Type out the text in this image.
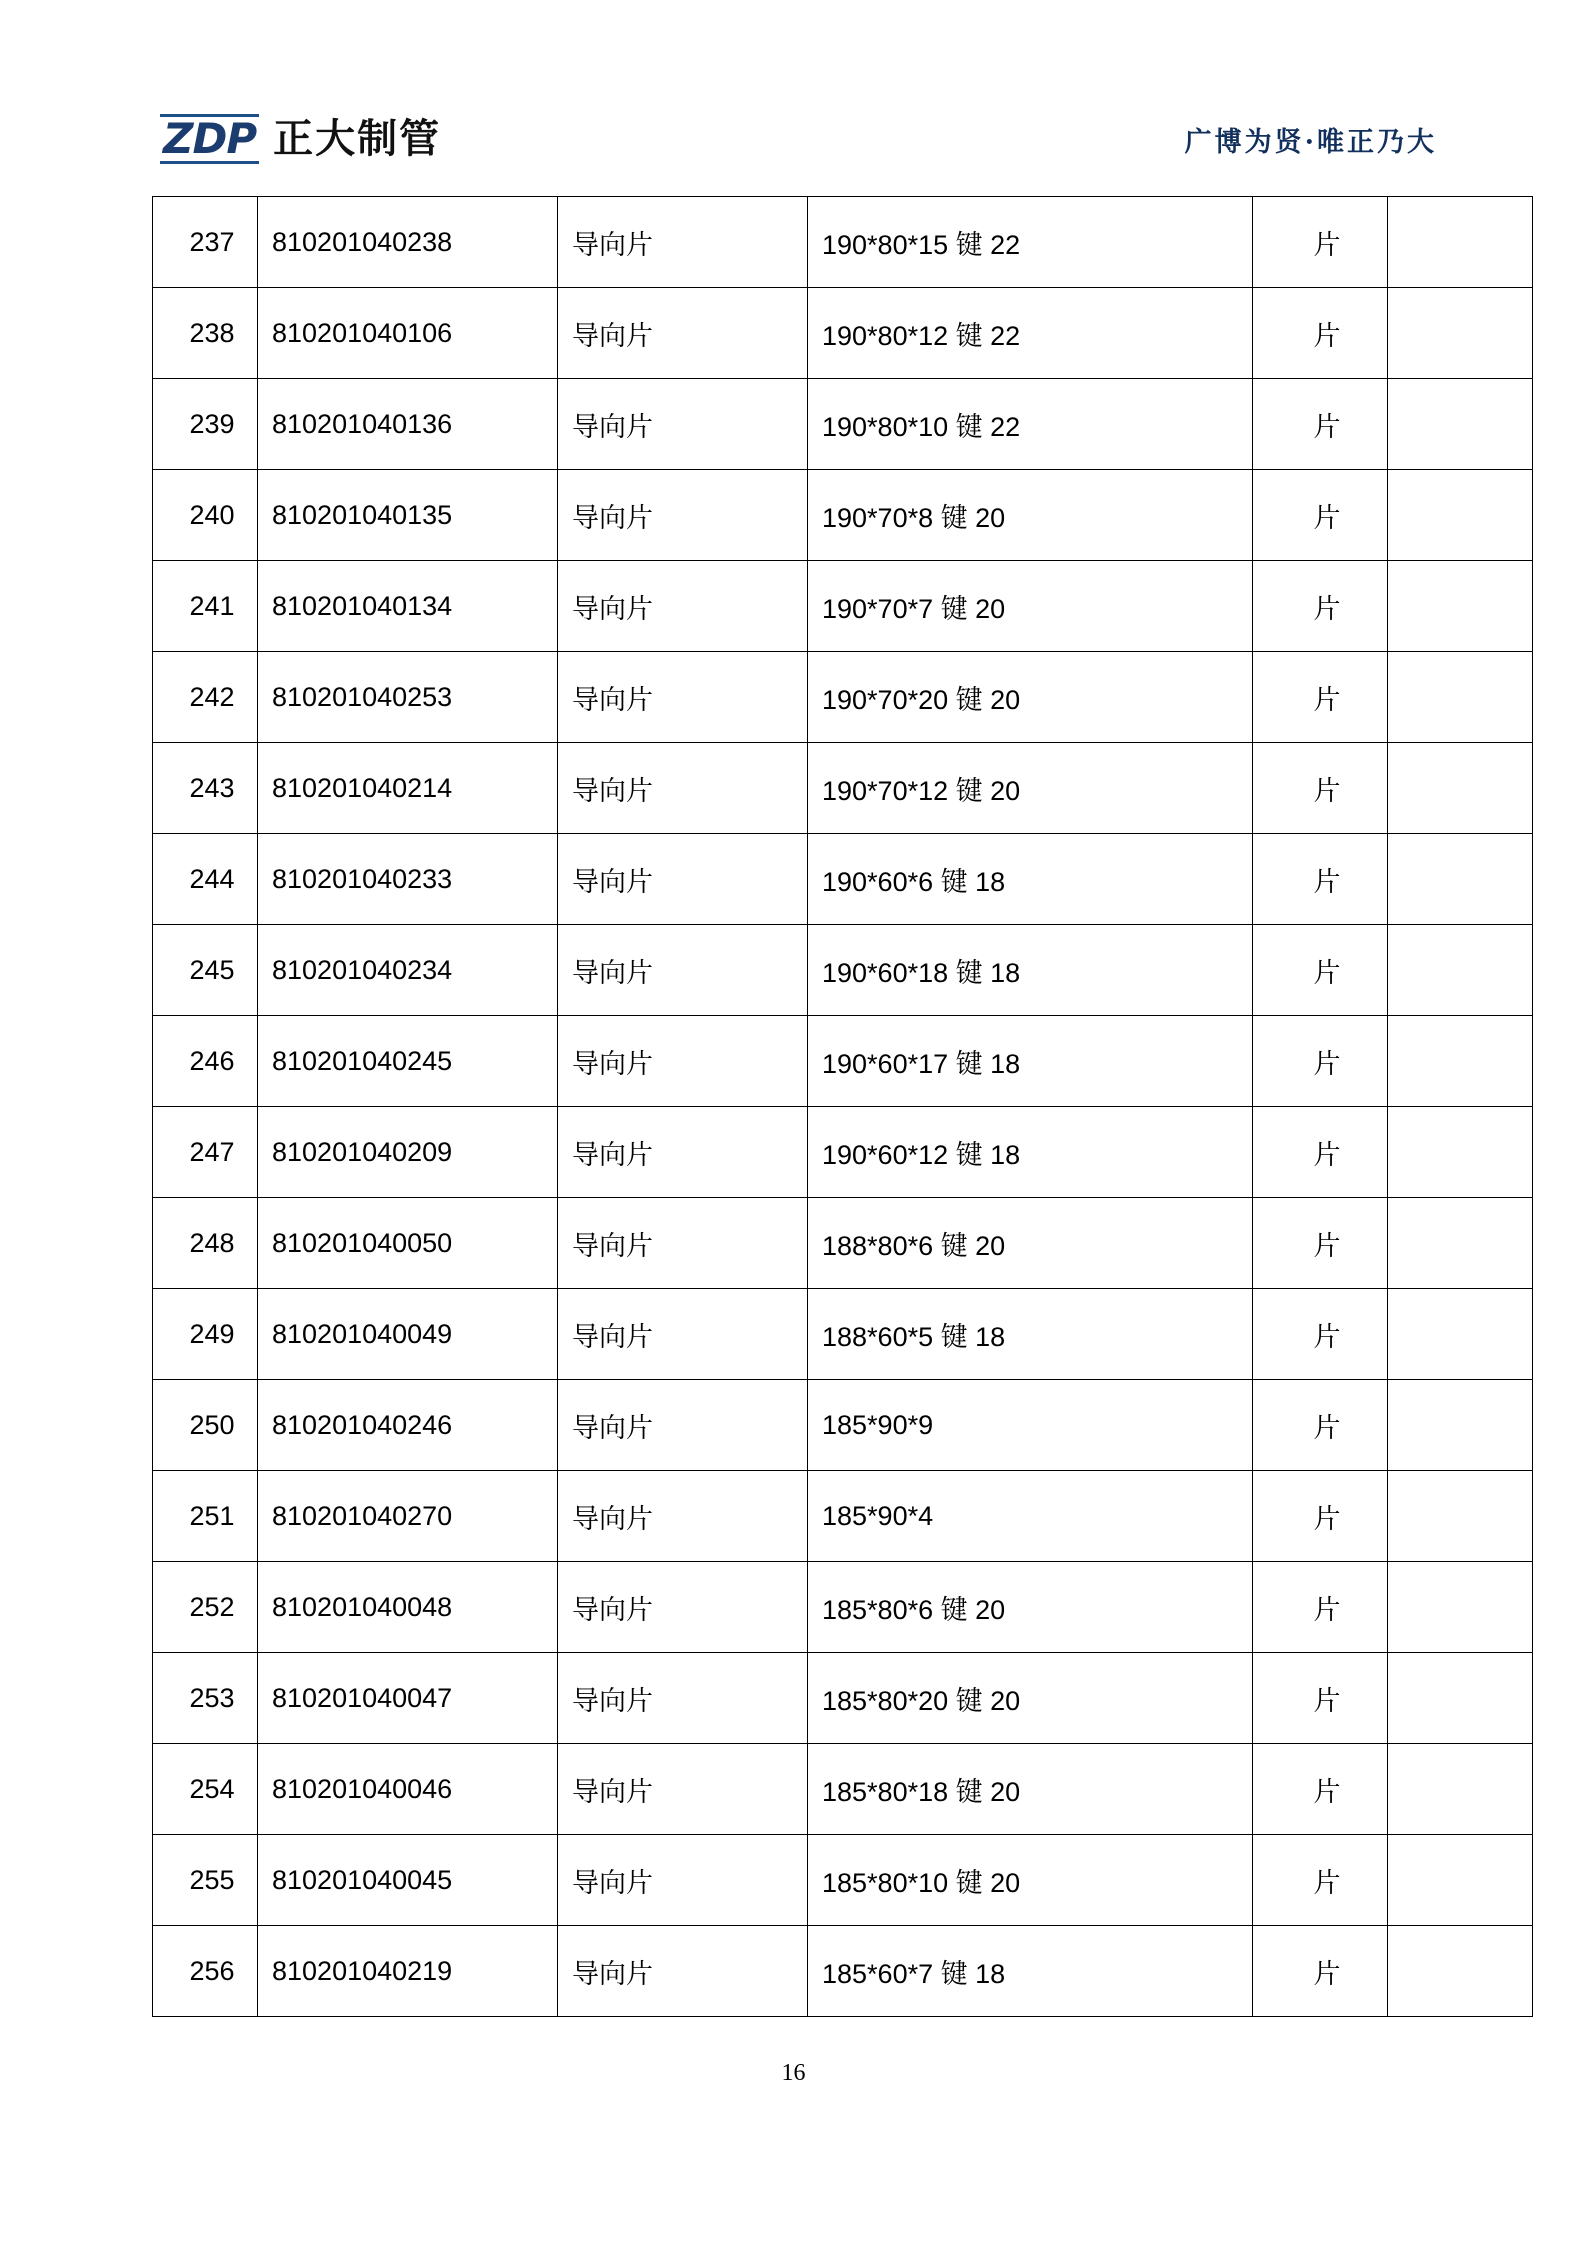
ZDP 正大制管	广博为贤·唯正乃大
237	810201040238	导向片	190*80*15 键 22	片	
238	810201040106	导向片	190*80*12 键 22	片	
239	810201040136	导向片	190*80*10 键 22	片	
240	810201040135	导向片	190*70*8 键 20	片	
241	810201040134	导向片	190*70*7 键 20	片	
242	810201040253	导向片	190*70*20 键 20	片	
243	810201040214	导向片	190*70*12 键 20	片	
244	810201040233	导向片	190*60*6 键 18	片	
245	810201040234	导向片	190*60*18 键 18	片	
246	810201040245	导向片	190*60*17 键 18	片	
247	810201040209	导向片	190*60*12 键 18	片	
248	810201040050	导向片	188*80*6 键 20	片	
249	810201040049	导向片	188*60*5 键 18	片	
250	810201040246	导向片	185*90*9	片	
251	810201040270	导向片	185*90*4	片	
252	810201040048	导向片	185*80*6 键 20	片	
253	810201040047	导向片	185*80*20 键 20	片	
254	810201040046	导向片	185*80*18 键 20	片	
255	810201040045	导向片	185*80*10 键 20	片	
256	810201040219	导向片	185*60*7 键 18	片	
16
